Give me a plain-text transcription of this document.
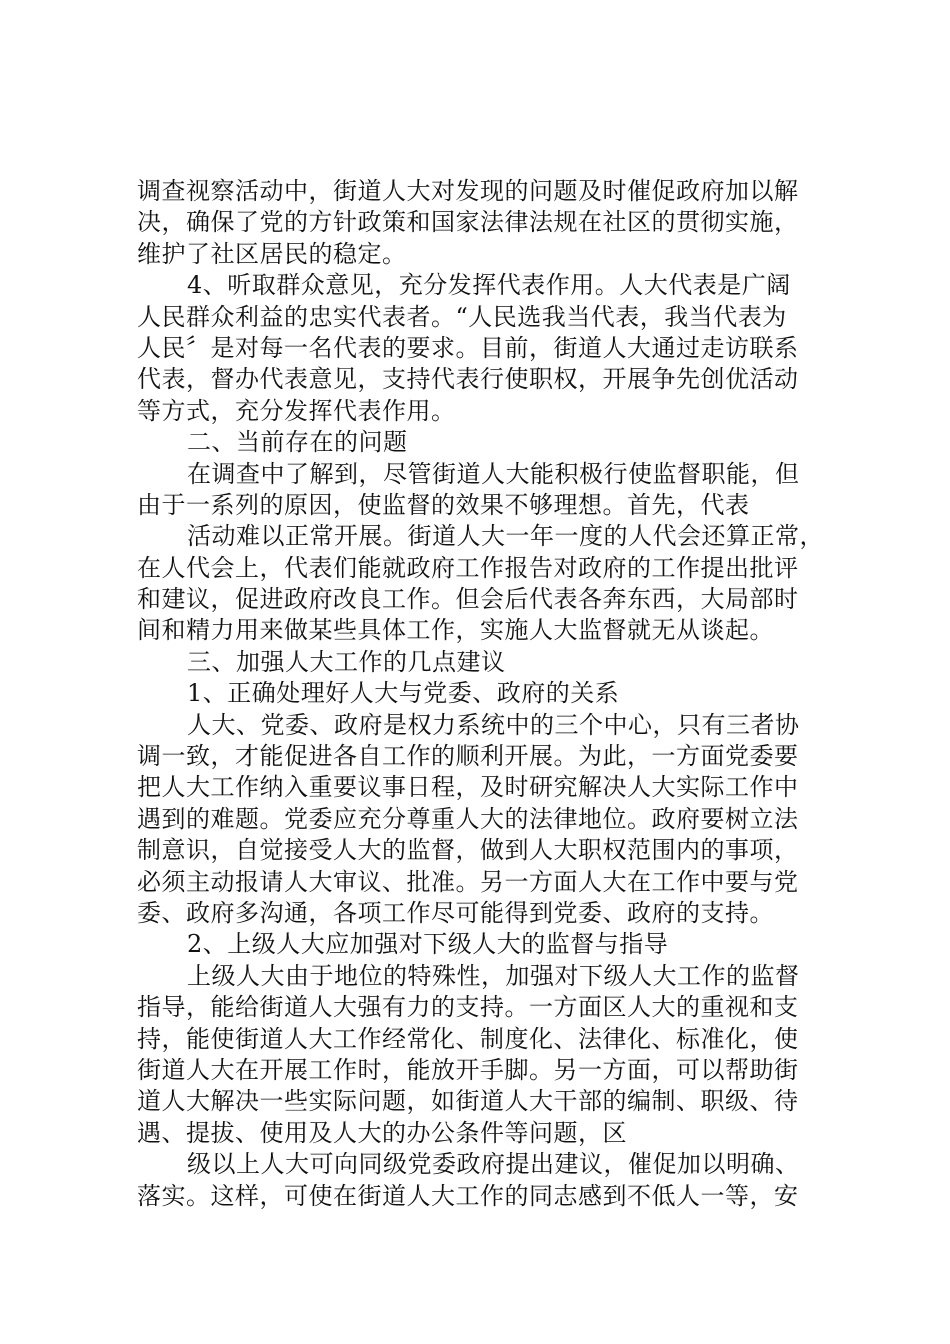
调查视察活动中，街道人大对发现的问题及时催促政府加以解
决，确保了党的方针政策和国家法律法规在社区的贯彻实施，
维护了社区居民的稳定。
4、听取群众意见，充分发挥代表作用。人大代表是广阔
人民群众利益的忠实代表者。“人民选我当代表，我当代表为
人民〞是对每一名代表的要求。目前，街道人大通过走访联系
代表，督办代表意见，支持代表行使职权，开展争先创优活动
等方式，充分发挥代表作用。
二、当前存在的问题
在调查中了解到，尽管街道人大能积极行使监督职能，但
由于一系列的原因，使监督的效果不够理想。首先，代表
活动难以正常开展。街道人大一年一度的人代会还算正常，
在人代会上，代表们能就政府工作报告对政府的工作提出批评
和建议，促进政府改良工作。但会后代表各奔东西，大局部时
间和精力用来做某些具体工作，实施人大监督就无从谈起。
三、加强人大工作的几点建议
1、正确处理好人大与党委、政府的关系
人大、党委、政府是权力系统中的三个中心，只有三者协
调一致，才能促进各自工作的顺利开展。为此，一方面党委要
把人大工作纳入重要议事日程，及时研究解决人大实际工作中
遇到的难题。党委应充分尊重人大的法律地位。政府要树立法
制意识，自觉接受人大的监督，做到人大职权范围内的事项，
必须主动报请人大审议、批准。另一方面人大在工作中要与党
委、政府多沟通，各项工作尽可能得到党委、政府的支持。
2、上级人大应加强对下级人大的监督与指导
上级人大由于地位的特殊性，加强对下级人大工作的监督
指导，能给街道人大强有力的支持。一方面区人大的重视和支
持，能使街道人大工作经常化、制度化、法律化、标准化，使
街道人大在开展工作时，能放开手脚。另一方面，可以帮助街
道人大解决一些实际问题，如街道人大干部的编制、职级、待
遇、提拔、使用及人大的办公条件等问题，区
级以上人大可向同级党委政府提出建议，催促加以明确、
落实。这样，可使在街道人大工作的同志感到不低人一等，安
